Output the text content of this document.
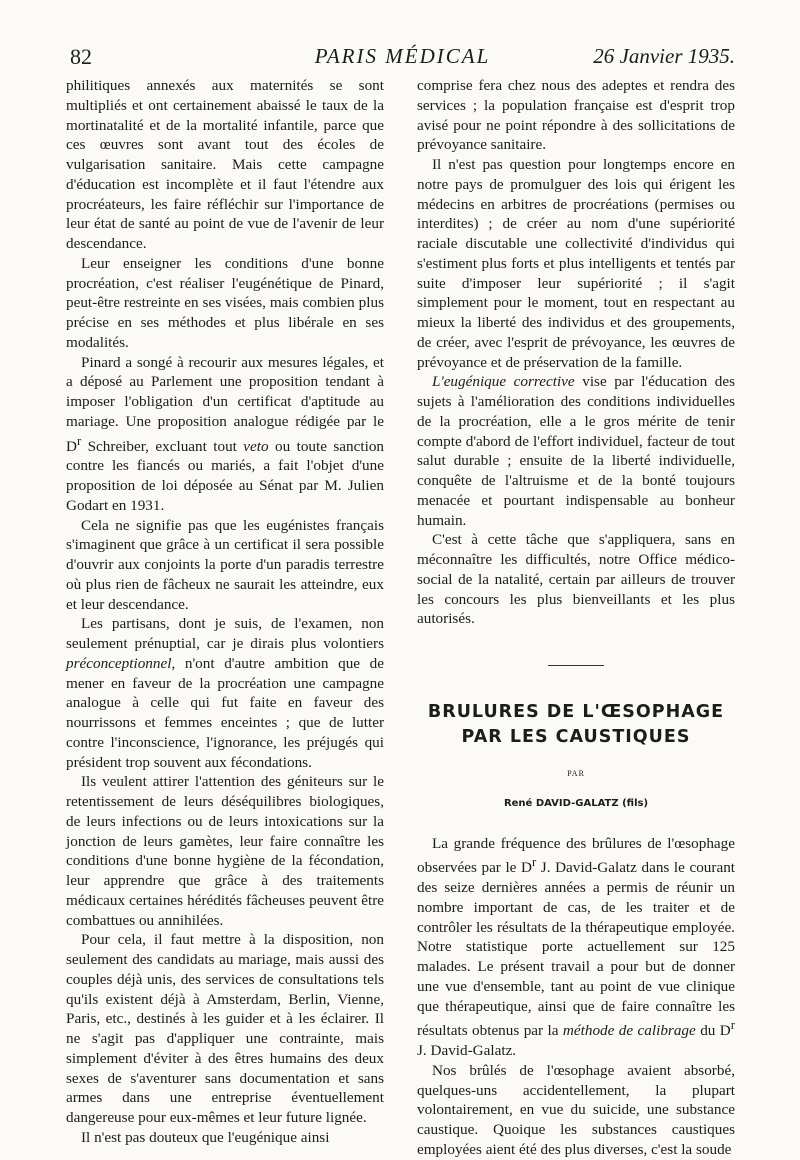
82	PARIS MÉDICAL	26 Janvier 1935.

philitiques annexés aux maternités se sont multipliés et ont certainement abaissé le taux de la mortinatalité et de la mortalité infantile, parce que ces œuvres sont avant tout des écoles de vulgarisation sanitaire. Mais cette campagne d'éducation est incomplète et il faut l'étendre aux procréateurs, les faire réfléchir sur l'importance de leur état de santé au point de vue de l'avenir de leur descendance.

Leur enseigner les conditions d'une bonne procréation, c'est réaliser l'eugénétique de Pinard, peut-être restreinte en ses visées, mais combien plus précise en ses méthodes et plus libérale en ses modalités.

Pinard a songé à recourir aux mesures légales, et a déposé au Parlement une proposition tendant à imposer l'obligation d'un certificat d'aptitude au mariage. Une proposition analogue rédigée par le $D^r$ Schreiber, excluant tout veto ou toute sanction contre les fiancés ou mariés, a fait l'objet d'une proposition de loi déposée au Sénat par M. Julien Godart en 1931.

Cela ne signifie pas que les eugénistes français s'imaginent que grâce à un certificat il sera possible d'ouvrir aux conjoints la porte d'un paradis terrestre où plus rien de fâcheux ne saurait les atteindre, eux et leur descendance.

Les partisans, dont je suis, de l'examen, non seulement prénuptial, car je dirais plus volontiers préconceptionnel, n'ont d'autre ambition que de mener en faveur de la procréation une campagne analogue à celle qui fut faite en faveur des nourrissons et femmes enceintes ; que de lutter contre l'inconscience, l'ignorance, les préjugés qui président trop souvent aux fécondations.

Ils veulent attirer l'attention des géniteurs sur le retentissement de leurs déséquilibres biologiques, de leurs infections ou de leurs intoxications sur la jonction de leurs gamètes, leur faire connaître les conditions d'une bonne hygiène de la fécondation, leur apprendre que grâce à des traitements médicaux certaines hérédités fâcheuses peuvent être combattues ou annihilées.

Pour cela, il faut mettre à la disposition, non seulement des candidats au mariage, mais aussi des couples déjà unis, des services de consultations tels qu'ils existent déjà à Amsterdam, Berlin, Vienne, Paris, etc., destinés à les guider et à les éclairer. Il ne s'agit pas d'appliquer une contrainte, mais simplement d'éviter à des êtres humains des deux sexes de s'aventurer sans documentation et sans armes dans une entreprise éventuellement dangereuse pour eux-mêmes et leur future lignée.

Il n'est pas douteux que l'eugénique ainsi

comprise fera chez nous des adeptes et rendra des services ; la population française est d'esprit trop avisé pour ne point répondre à des sollicitations de prévoyance sanitaire.

Il n'est pas question pour longtemps encore en notre pays de promulguer des lois qui érigent les médecins en arbitres de procréations (permises ou interdites) ; de créer au nom d'une supériorité raciale discutable une collectivité d'individus qui s'estiment plus forts et plus intelligents et tentés par suite d'imposer leur supériorité ; il s'agit simplement pour le moment, tout en respectant au mieux la liberté des individus et des groupements, de créer, avec l'esprit de prévoyance, les œuvres de prévoyance et de préservation de la famille.

L'eugénique corrective vise par l'éducation des sujets à l'amélioration des conditions individuelles de la procréation, elle a le gros mérite de tenir compte d'abord de l'effort individuel, facteur de tout salut durable ; ensuite de la liberté individuelle, conquête de l'altruisme et de la bonté toujours menacée et pourtant indispensable au bonheur humain.

C'est à cette tâche que s'appliquera, sans en méconnaître les difficultés, notre Office médico-social de la natalité, certain par ailleurs de trouver les concours les plus bienveillants et les plus autorisés.

BRULURES DE L'ŒSOPHAGE
PAR LES CAUSTIQUES
PAR
René DAVID-GALATZ (fils)

La grande fréquence des brûlures de l'œsophage observées par le $D^r$ J. David-Galatz dans le courant des seize dernières années a permis de réunir un nombre important de cas, de les traiter et de contrôler les résultats de la thérapeutique employée. Notre statistique porte actuellement sur 125 malades. Le présent travail a pour but de donner une vue d'ensemble, tant au point de vue clinique que thérapeutique, ainsi que de faire connaître les résultats obtenus par la méthode de calibrage du $D^r$ J. David-Galatz.

Nos brûlés de l'œsophage avaient absorbé, quelques-uns accidentellement, la plupart volontairement, en vue du suicide, une substance caustique. Quoique les substances caustiques employées aient été des plus diverses, c'est la soude
